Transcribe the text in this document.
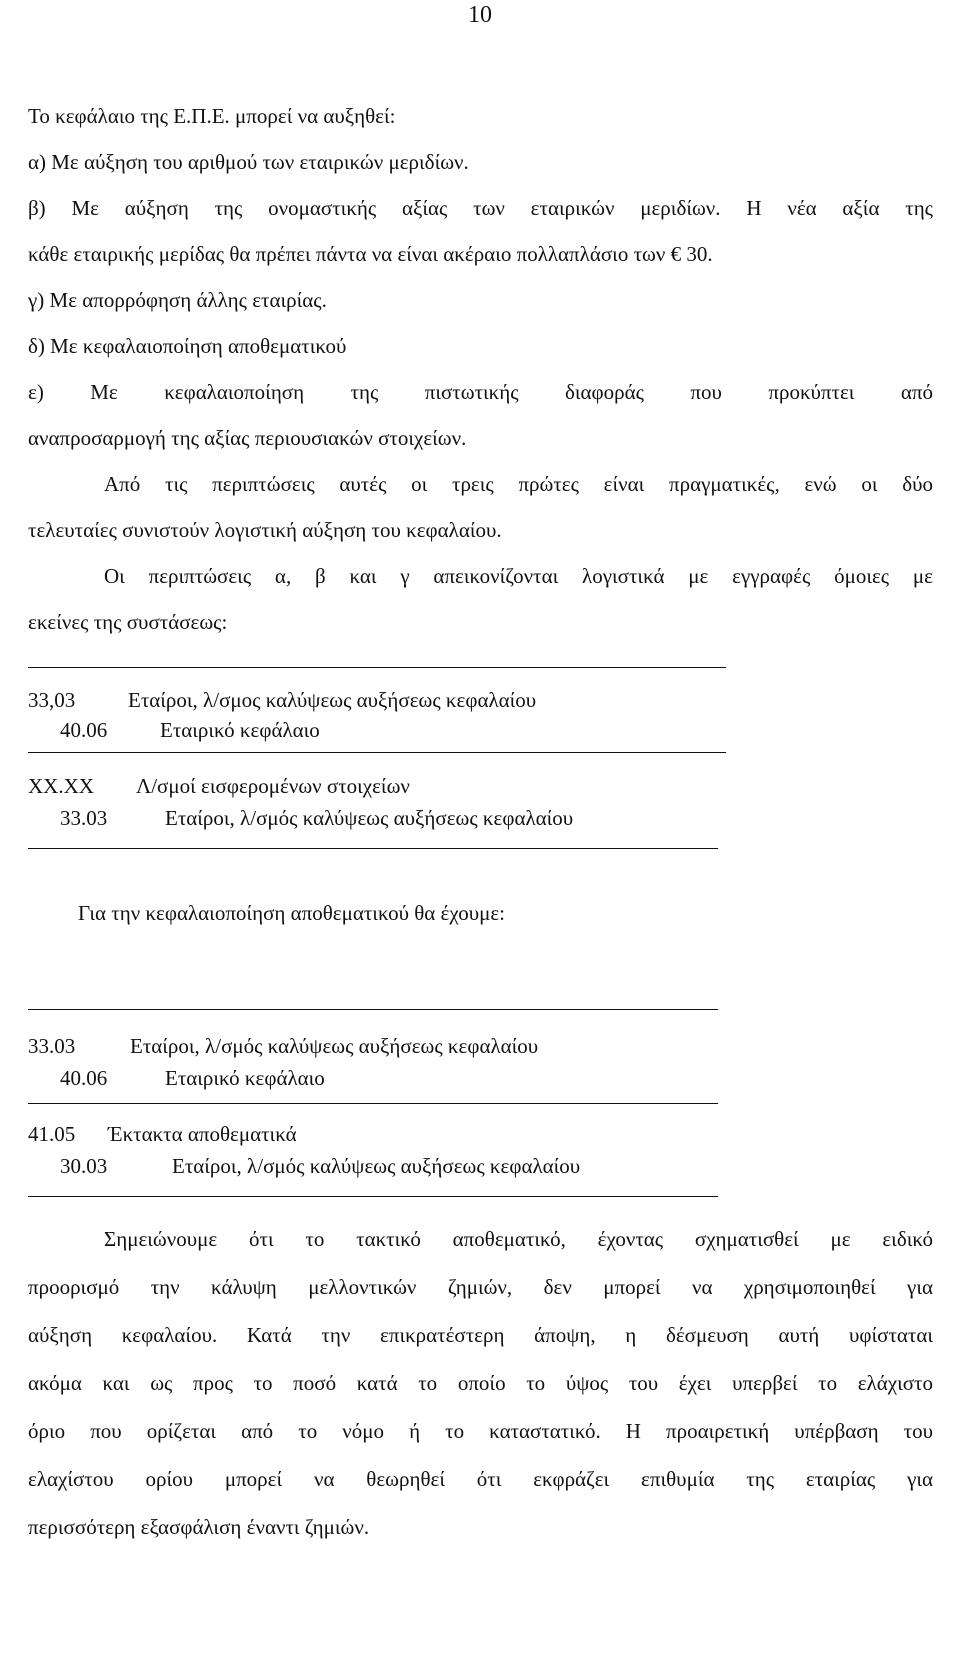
10

Το κεφάλαιο της Ε.Π.Ε. μπορεί να αυξηθεί:

α) Με αύξηση του αριθμού των εταιρικών μεριδίων.

β) Με αύξηση της ονομαστικής αξίας των εταιρικών μεριδίων. Η νέα αξία της

κάθε εταιρικής μερίδας θα πρέπει πάντα να είναι ακέραιο πολλαπλάσιο των € 30.

γ) Με απορρόφηση άλλης εταιρίας.

δ) Με κεφαλαιοποίηση αποθεματικού

ε) Με κεφαλαιοποίηση της πιστωτικής διαφοράς που προκύπτει από

αναπροσαρμογή της αξίας περιουσιακών στοιχείων.

Από τις περιπτώσεις αυτές οι τρεις πρώτες είναι πραγματικές, ενώ οι δύο

τελευταίες συνιστούν λογιστική αύξηση του κεφαλαίου.

Οι περιπτώσεις α, β και γ απεικονίζονται λογιστικά με εγγραφές όμοιες με

εκείνες της συστάσεως:

33,03	Εταίροι, λ/σμος καλύψεως αυξήσεως κεφαλαίου
40.06	Εταιρικό κεφάλαιο
XX.XX Λ/σμοί εισφερομένων στοιχείων
33.03	Εταίροι, λ/σμός καλύψεως αυξήσεως κεφαλαίου
Για την κεφαλαιοποίηση αποθεματικού θα έχουμε:
33.03	Εταίροι, λ/σμός καλύψεως αυξήσεως κεφαλαίου
40.06	Εταιρικό κεφάλαιο
41.05 Έκτακτα αποθεματικά
30.03	Εταίροι, λ/σμός καλύψεως αυξήσεως κεφαλαίου

Σημειώνουμε ότι το τακτικό αποθεματικό, έχοντας σχηματισθεί με ειδικό

προορισμό την κάλυψη μελλοντικών ζημιών, δεν μπορεί να χρησιμοποιηθεί για

αύξηση κεφαλαίου. Κατά την επικρατέστερη άποψη, η δέσμευση αυτή υφίσταται

ακόμα και ως προς το ποσό κατά το οποίο το ύψος του έχει υπερβεί το ελάχιστο

όριο που ορίζεται από το νόμο ή το καταστατικό. Η προαιρετική υπέρβαση του

ελαχίστου ορίου μπορεί να θεωρηθεί ότι εκφράζει επιθυμία της εταιρίας για

περισσότερη εξασφάλιση έναντι ζημιών.
